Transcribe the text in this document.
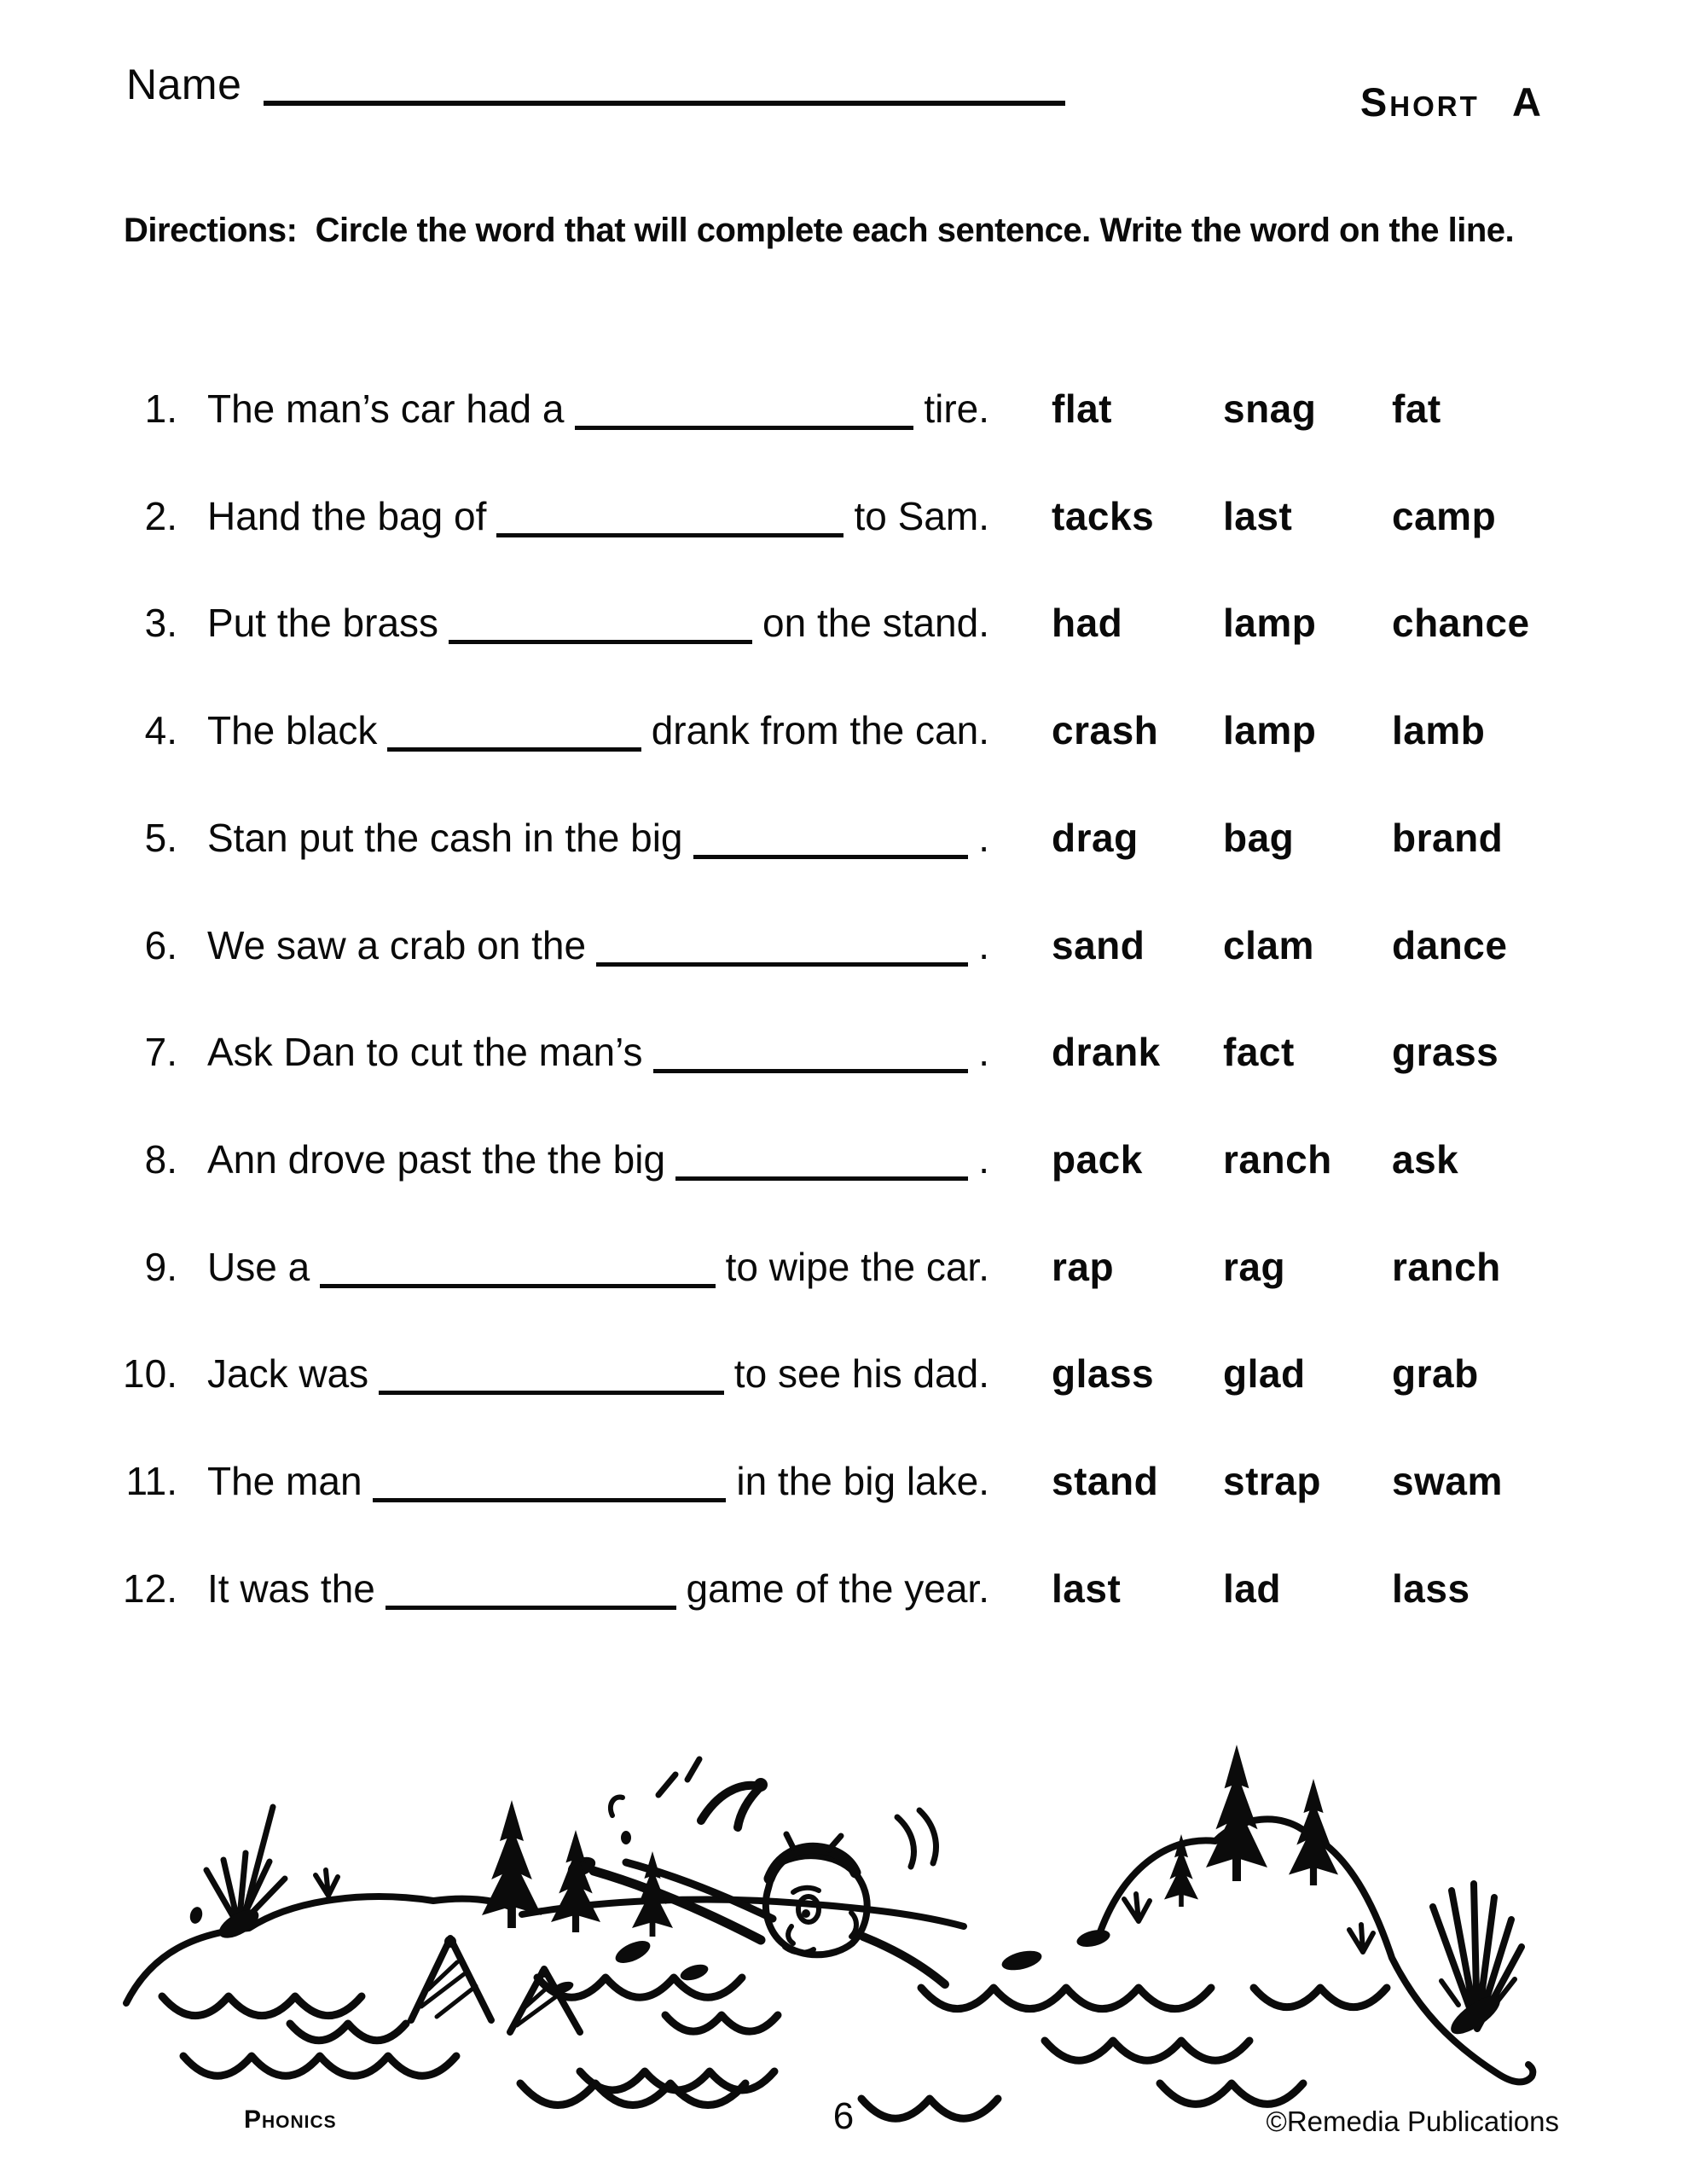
Name	Short A
Directions:  Circle the word that will complete each sentence. Write the word on the line.
1. The man’s car had a	tire. flat	snag fat
2. Hand the bag of	to Sam. tacks last	camp
3. Put the brass	on the stand. had	lamp chance
4. The black	drank from the can. crash lamp lamb
5. Stan put the cash in the big	. drag bag brand
6. We saw a crab on the	. sand clam dance
7. Ask Dan to cut the man’s	. drank fact grass
8. Ann drove past the the big	. pack ranch ask
9. Use a	to wipe the car. rap	rag	ranch
10. Jack was	to see his dad. glass glad grab
11. The man	in the big lake. stand strap swam
12. It was the	game of the year. last	lad	lass
Phonics	6	©Remedia Publications
